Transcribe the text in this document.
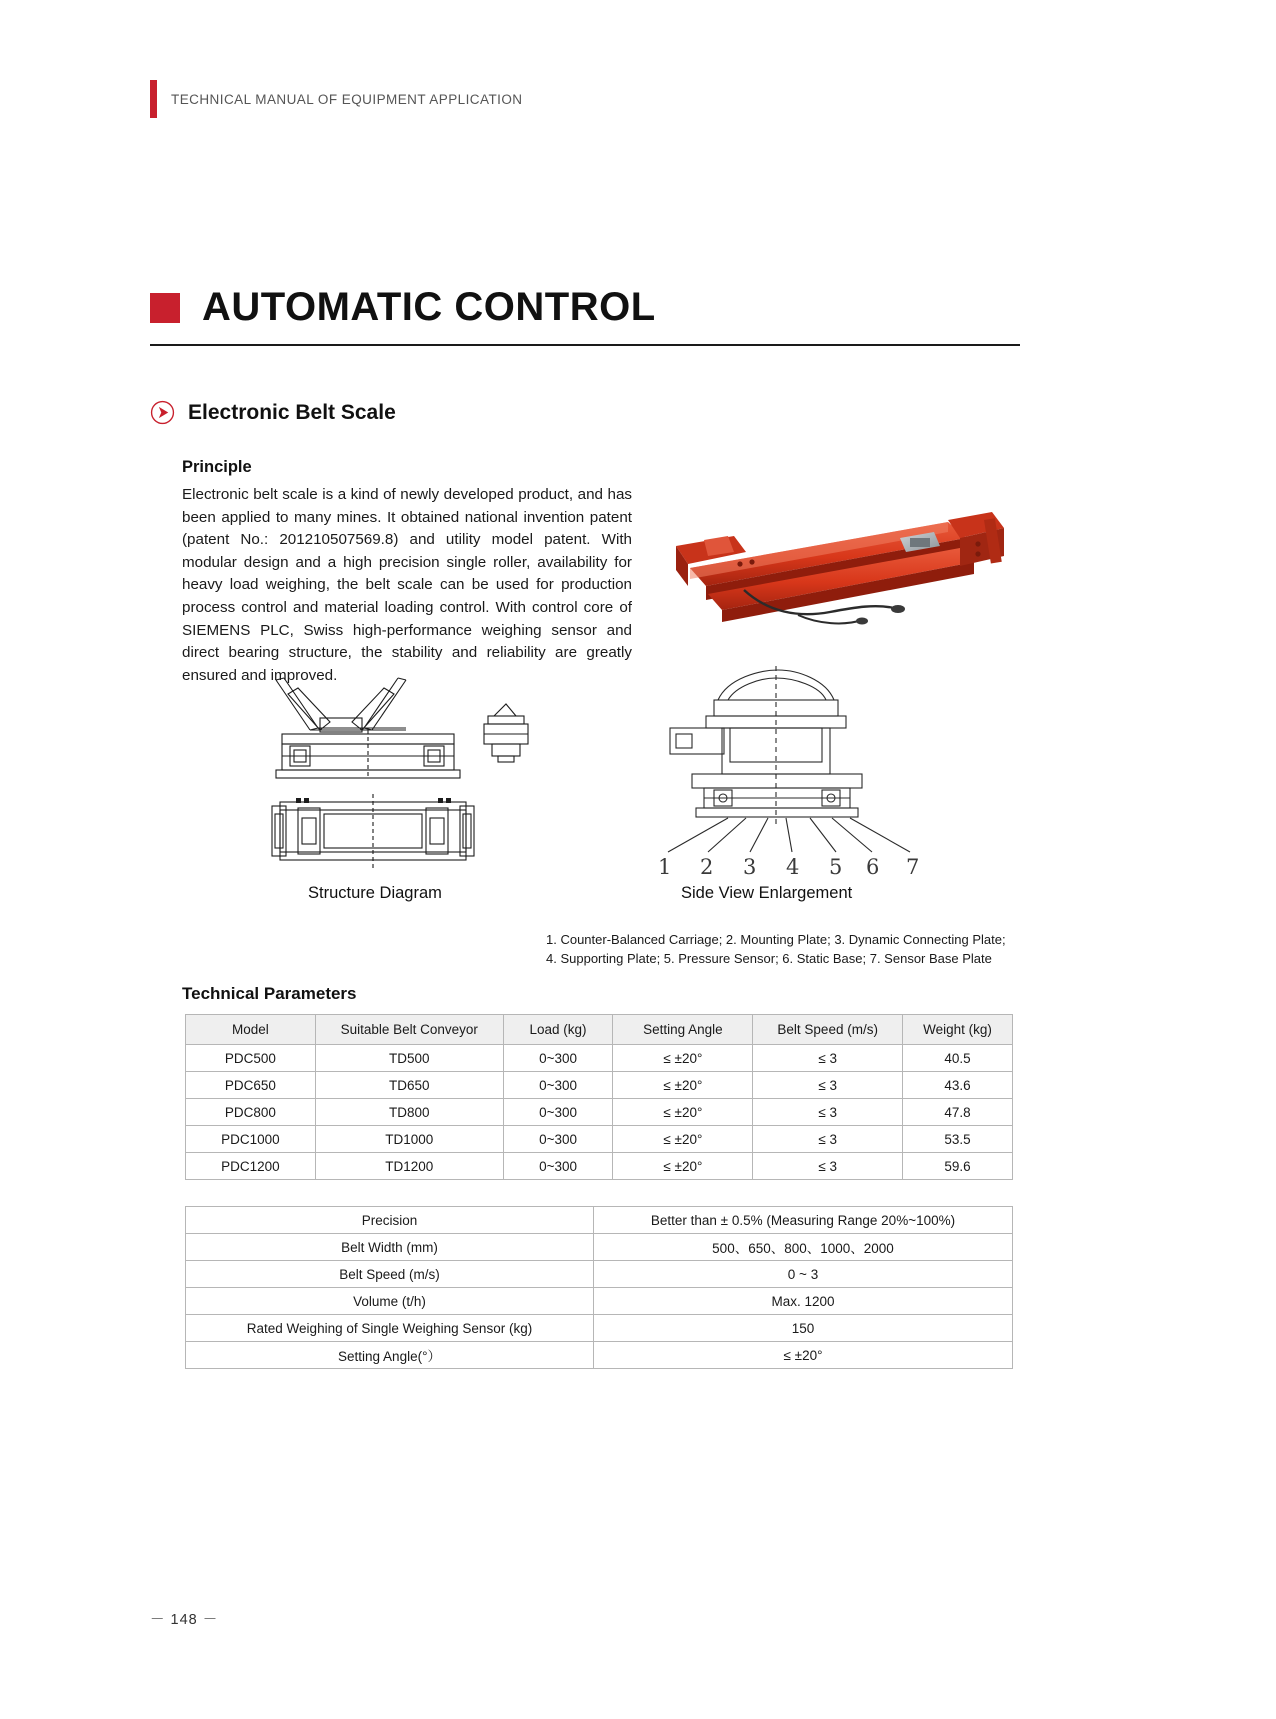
TECHNICAL MANUAL OF EQUIPMENT APPLICATION
AUTOMATIC CONTROL
Electronic Belt Scale
Principle
Electronic belt scale is a kind of newly developed product, and has been applied to many mines. It obtained national invention patent (patent No.: 201210507569.8) and utility model patent. With modular design and a high precision single roller, availability for heavy load weighing, the belt scale can be used for production process control and material loading control. With control core of SIEMENS PLC, Swiss high-performance weighing sensor and direct bearing structure, the stability and reliability are greatly ensured and improved.
1 2 3 4 5 6 7
Structure Diagram	Side View Enlargement
1. Counter-Balanced Carriage; 2. Mounting Plate; 3. Dynamic Connecting Plate;
4. Supporting Plate; 5. Pressure Sensor; 6. Static Base; 7. Sensor Base Plate
Technical Parameters
Model	Suitable Belt Conveyor	Load (kg)	Setting Angle	Belt Speed (m/s)	Weight (kg)
PDC500	TD500	0~300	≤ ±20°	≤ 3	40.5
PDC650	TD650	0~300	≤ ±20°	≤ 3	43.6
PDC800	TD800	0~300	≤ ±20°	≤ 3	47.8
PDC1000	TD1000	0~300	≤ ±20°	≤ 3	53.5
PDC1200	TD1200	0~300	≤ ±20°	≤ 3	59.6
Precision	Better than ± 0.5% (Measuring Range 20%~100%)
Belt Width (mm)	500、650、800、1000、2000
Belt Speed (m/s)	0 ~ 3
Volume (t/h)	Max. 1200
Rated Weighing of Single Weighing Sensor (kg)	150
Setting Angle(°）	≤ ±20°
－ 148 －
